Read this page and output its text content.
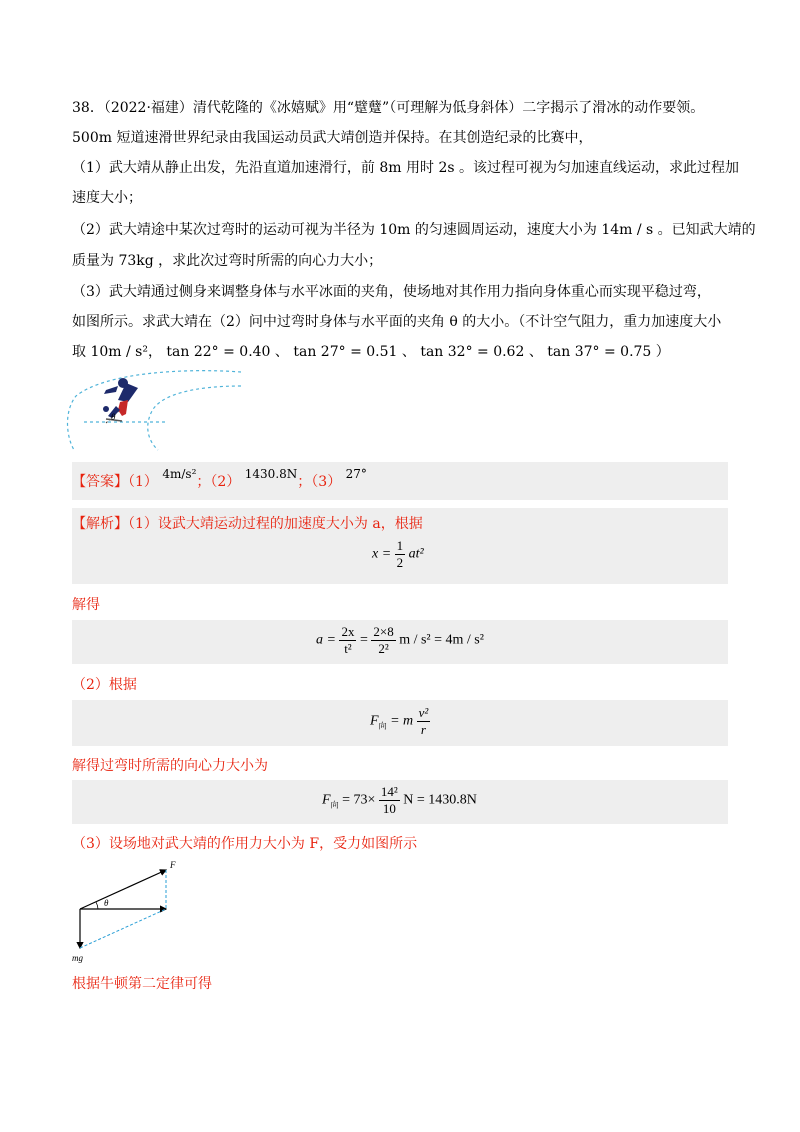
38．（2022·福建）清代乾隆的《冰嬉赋》用“躄躠”（可理解为低身斜体）二字揭示了滑冰的动作要领。
500m 短道速滑世界纪录由我国运动员武大靖创造并保持。在其创造纪录的比赛中，
（1）武大靖从静止出发，先沿直道加速滑行，前 8m 用时 2s 。该过程可视为匀加速直线运动，求此过程加
速度大小；
（2）武大靖途中某次过弯时的运动可视为半径为 10m 的匀速圆周运动，速度大小为 14m / s 。已知武大靖的
质量为 73kg ，求此次过弯时所需的向心力大小；
（3）武大靖通过侧身来调整身体与水平冰面的夹角，使场地对其作用力指向身体重心而实现平稳过弯，
如图所示。求武大靖在（2）问中过弯时身体与水平面的夹角 θ 的大小。（不计空气阻力，重力加速度大小
取 10m / s²， tan 22° = 0.40 、 tan 27° = 0.51 、 tan 32° = 0.62 、 tan 37° = 0.75 ）
θ
【答案】（1） 4m/s²；（2） 1430.8N；（3） 27°
【解析】（1）设武大靖运动过程的加速度大小为 a，根据
$x = \frac{1}{2} at^2$
解得
$a = \frac{2x}{\text{t²}} = \frac{2\times 8}{\text{2²}}$ m / s² = 4m / s²
（2）根据
$F_向 = m \frac{\text{v²}}{r}$
解得过弯时所需的向心力大小为
$F_向 = 73\times \frac{\text{14²}}{10}$ N = 1430.8N
（3）设场地对武大靖的作用力大小为 F，受力如图所示
F
θ
mg
根据牛顿第二定律可得
